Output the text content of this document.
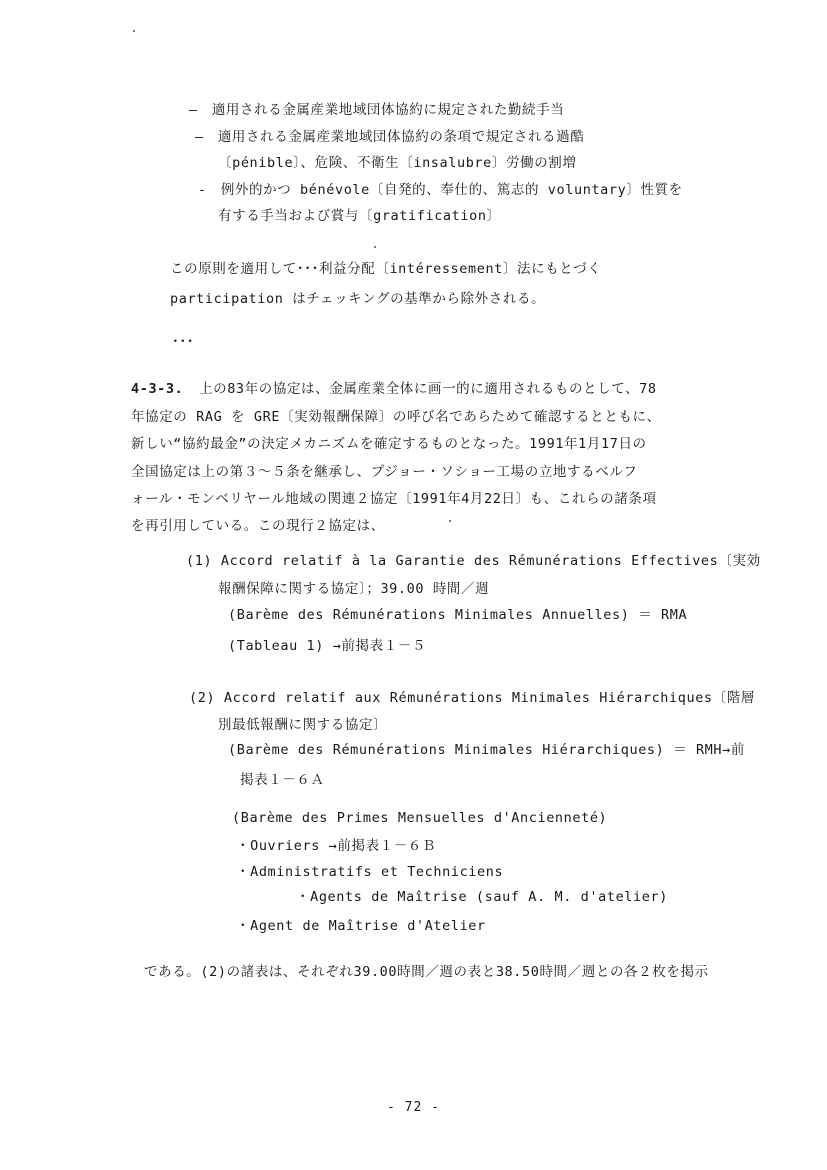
—　適用される金属産業地域団体協約に規定された勤続手当
—　適用される金属産業地域団体協約の条項で規定される過酷
〔pénible〕、危険、不衛生〔insalubre〕労働の割増
-　例外的かつ bénévole〔自発的、奉仕的、篤志的 voluntary〕性質を
有する手当および賞与〔gratification〕
この原則を適用して･･･利益分配〔intéressement〕法にもとづく
participation はチェッキングの基準から除外される。
･･･
4-3-3. 上の83年の協定は、金属産業全体に画一的に適用されるものとして、78
年協定の RAG を GRE〔実効報酬保障〕の呼び名であらためて確認するとともに、
新しい“協約最金”の決定メカニズムを確定するものとなった。1991年1月17日の
全国協定は上の第３～５条を継承し、プジョー・ソショー工場の立地するベルフ
ォール・モンベリヤール地域の関連２協定〔1991年4月22日〕も、これらの諸条項
を再引用している。この現行２協定は、
(1) Accord relatif à la Garantie des Rémunérations Effectives〔実効
報酬保障に関する協定〕；39.00 時間／週
(Barème des Rémunérations Minimales Annuelles) ＝ RMA
(Tableau 1) →前掲表１－５
(2) Accord relatif aux Rémunérations Minimales Hiérarchiques〔階層
別最低報酬に関する協定〕
(Barème des Rémunérations Minimales Hiérarchiques) ＝ RMH→前
掲表１－６Ａ
(Barème des Primes Mensuelles d'Ancienneté)
・Ouvriers →前掲表１－６Ｂ
・Administratifs et Techniciens
・Agents de Maîtrise (sauf A. M. d'atelier)
・Agent de Maîtrise d'Atelier
である。(2)の諸表は、それぞれ39.00時間／週の表と38.50時間／週との各２枚を掲示
- 72 -
